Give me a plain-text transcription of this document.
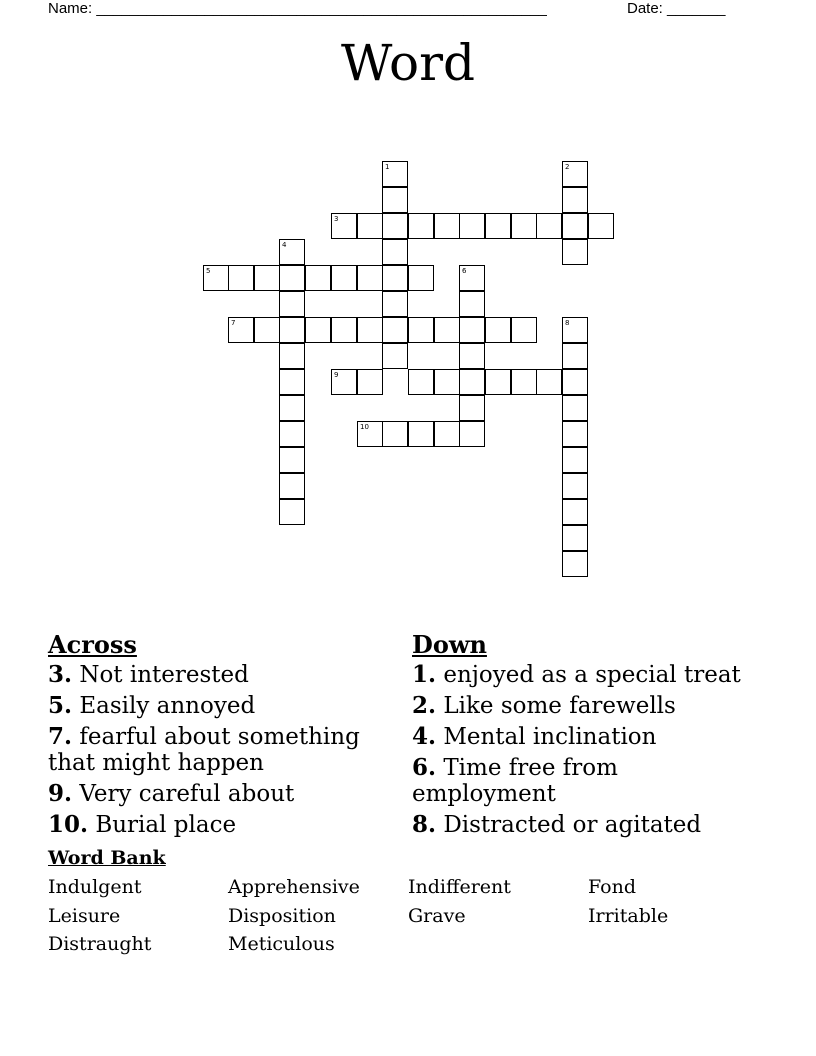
Name: ______________________________________________________	Date: _______
Word
1	2
3
4
5	6
7	8
9
10
Across
3. Not interested
5. Easily annoyed
7. fearful about something that might happen
9. Very careful about
10. Burial place
Down
1. enjoyed as a special treat
2. Like some farewells
4. Mental inclination
6. Time free from employment
8. Distracted or agitated
Word Bank
Indulgent	Apprehensive	Indifferent	Fond
Leisure	Disposition	Grave	Irritable
Distraught	Meticulous
